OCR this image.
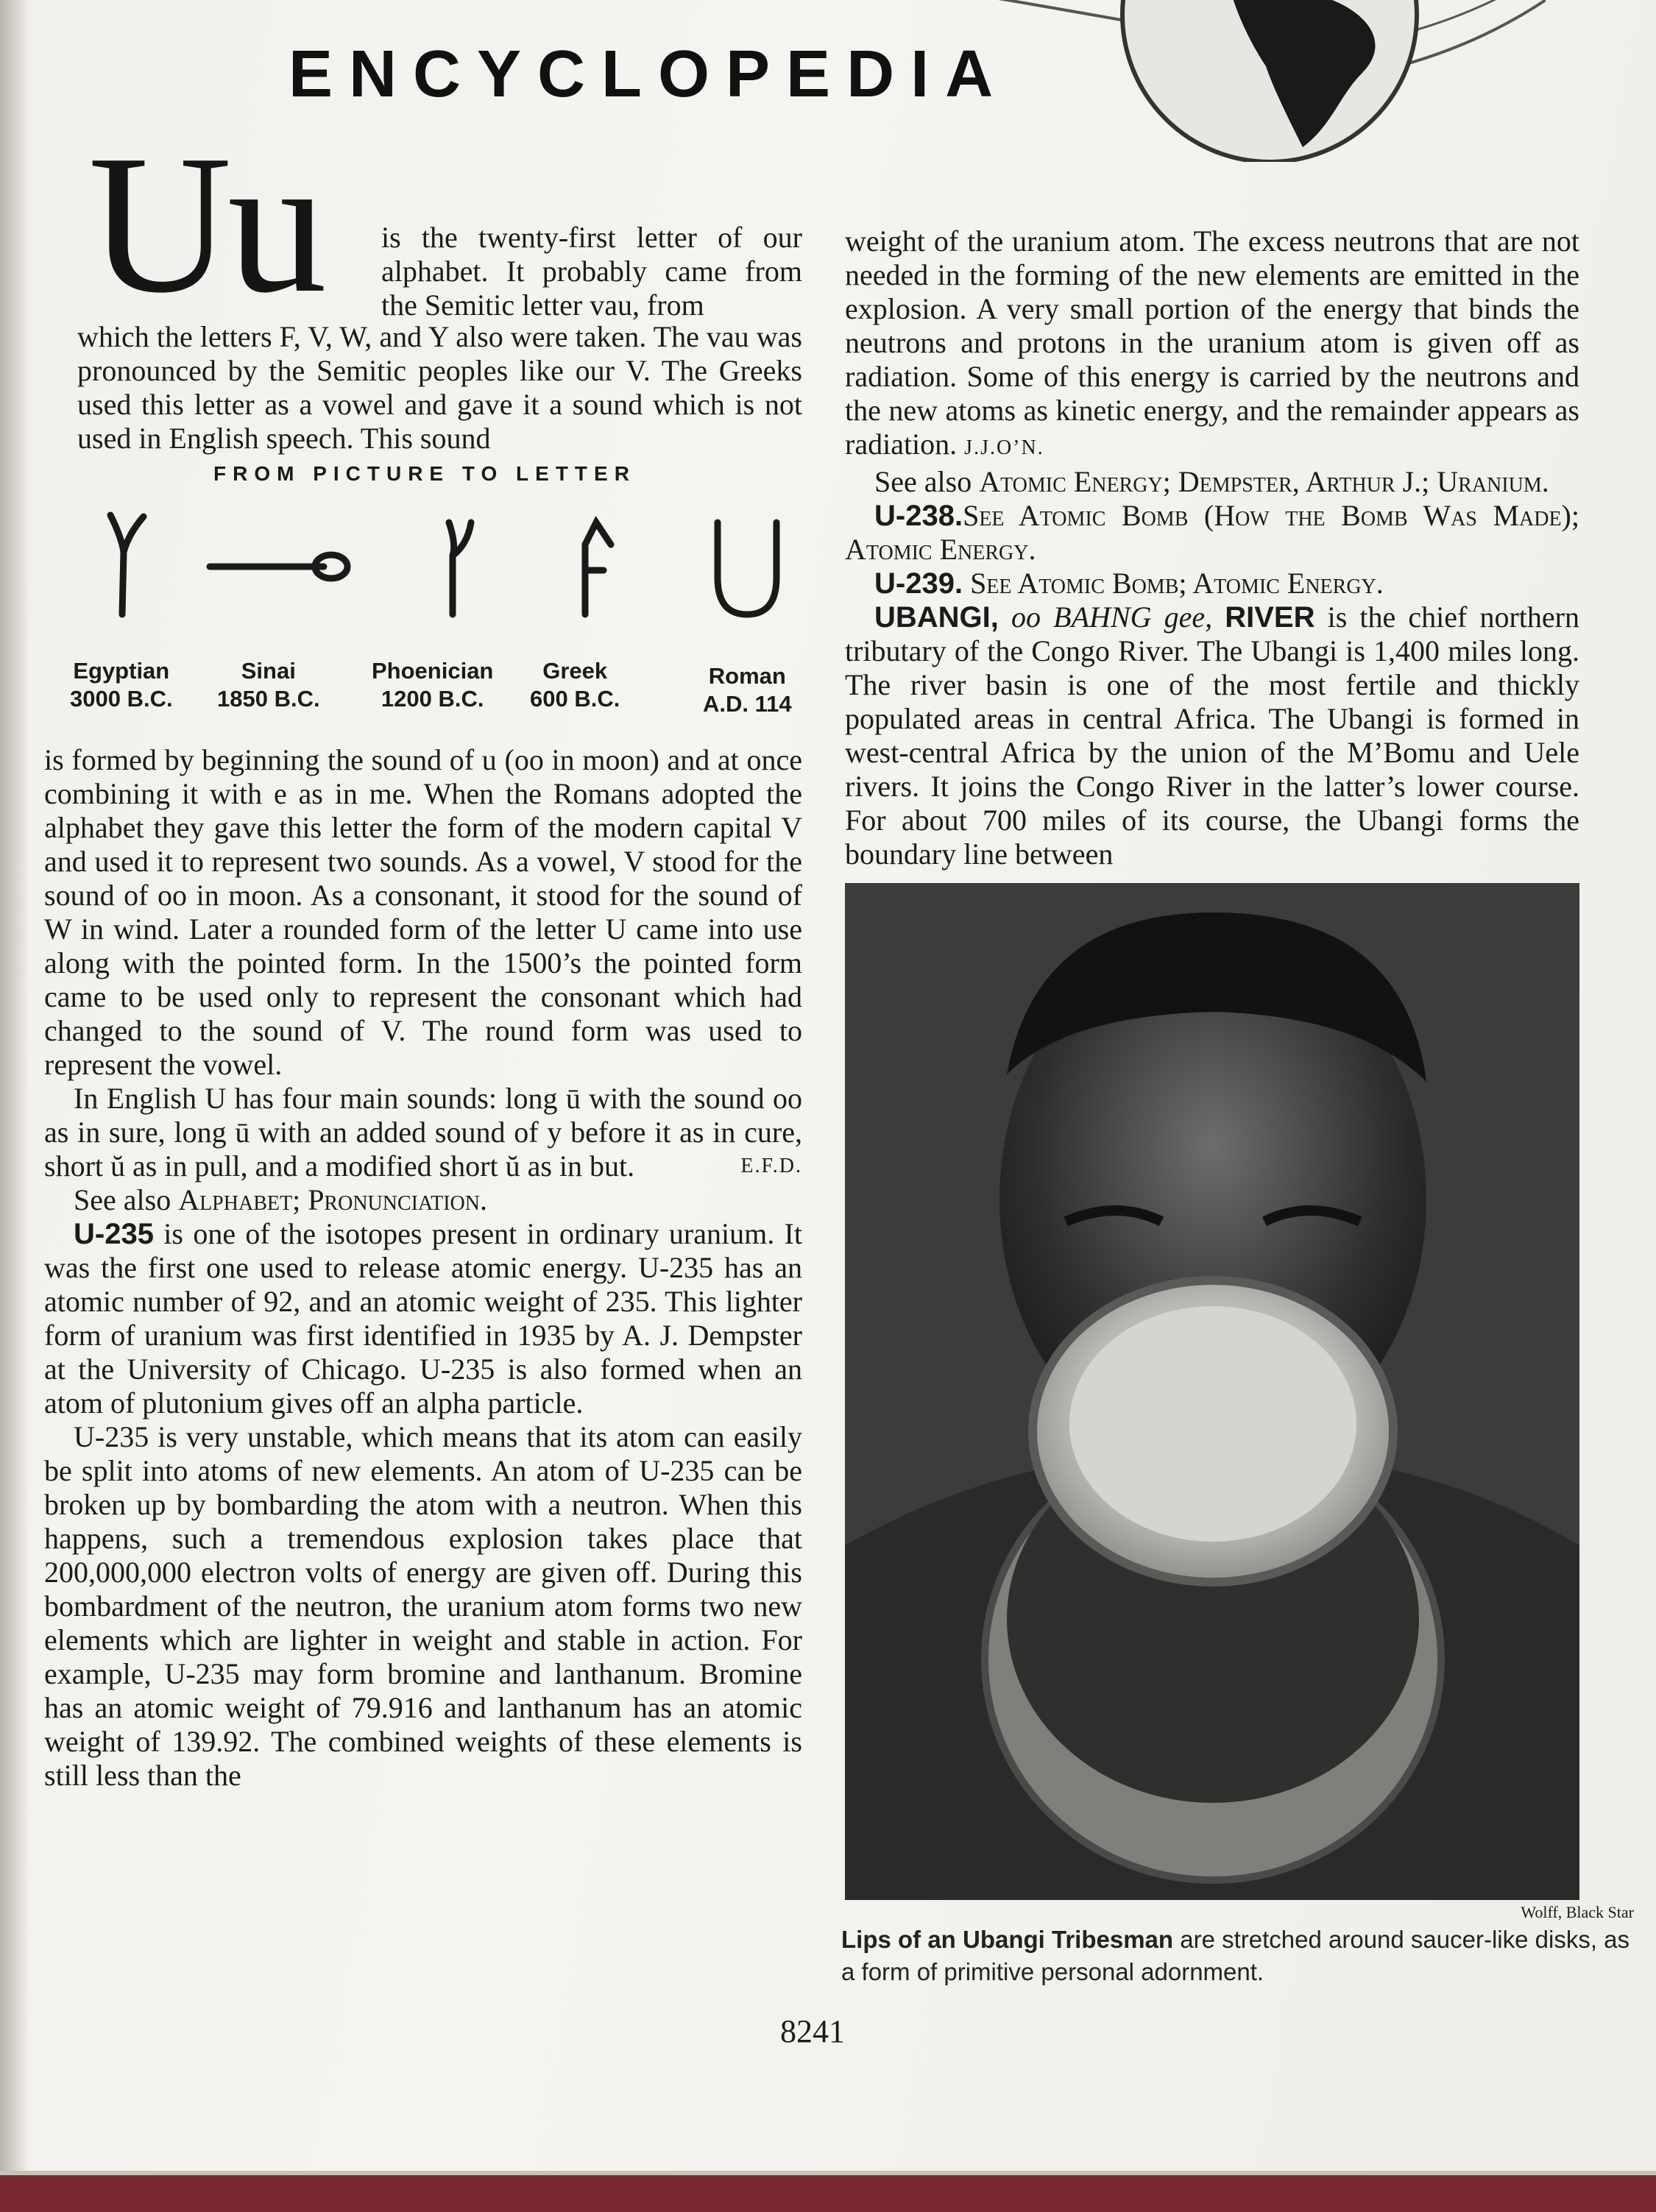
ENCYCLOPEDIA
Uu is the twenty-first letter of our alphabet. It probably came from the Semitic letter vau, from
which the letters F, V, W, and Y also were taken. The vau was pronounced by the Semitic peoples like our V. The Greeks used this letter as a vowel and gave it a sound which is not used in English speech. This sound
FROM PICTURE TO LETTER
Egyptian
3000 B.C.
Sinai
1850 B.C.
Phoenician
1200 B.C.
Greek
600 B.C.
Roman
A.D. 114

is formed by beginning the sound of u (oo in moon) and at once combining it with e as in me. When the Romans adopted the alphabet they gave this letter the form of the modern capital V and used it to represent two sounds. As a vowel, V stood for the sound of oo in moon. As a consonant, it stood for the sound of W in wind. Later a rounded form of the letter U came into use along with the pointed form. In the 1500’s the pointed form came to be used only to represent the consonant which had changed to the sound of V. The round form was used to represent the vowel.

In English U has four main sounds: long ū with the sound oo as in sure, long ū with an added sound of y before it as in cure, short ŭ as in pull, and a modified short ŭ as in but.	E.F.D.

See also Alphabet; Pronunciation.

U-235 is one of the isotopes present in ordinary uranium. It was the first one used to release atomic energy. U-235 has an atomic number of 92, and an atomic weight of 235. This lighter form of uranium was first identified in 1935 by A. J. Dempster at the University of Chicago. U-235 is also formed when an atom of plutonium gives off an alpha particle.

U-235 is very unstable, which means that its atom can easily be split into atoms of new elements. An atom of U-235 can be broken up by bombarding the atom with a neutron. When this happens, such a tremendous explosion takes place that 200,000,000 electron volts of energy are given off. During this bombardment of the neutron, the uranium atom forms two new elements which are lighter in weight and stable in action. For example, U-235 may form bromine and lanthanum. Bromine has an atomic weight of 79.916 and lanthanum has an atomic weight of 139.92. The combined weights of these elements is still less than the

weight of the uranium atom. The excess neutrons that are not needed in the forming of the new elements are emitted in the explosion. A very small portion of the energy that binds the neutrons and protons in the uranium atom is given off as radiation. Some of this energy is carried by the neutrons and the new atoms as kinetic energy, and the remainder appears as radiation. J.J.O’N.

See also Atomic Energy; Dempster, Arthur J.; Uranium.

U-238.See Atomic Bomb (How the Bomb Was Made); Atomic Energy.

U-239. See Atomic Bomb; Atomic Energy.

UBANGI, oo BAHNG gee, RIVER is the chief northern tributary of the Congo River. The Ubangi is 1,400 miles long. The river basin is one of the most fertile and thickly populated areas in central Africa. The Ubangi is formed in west-central Africa by the union of the M’Bomu and Uele rivers. It joins the Congo River in the latter’s lower course. For about 700 miles of its course, the Ubangi forms the boundary line between

Wolff, Black Star
Lips of an Ubangi Tribesman are stretched around saucer-like disks, as a form of primitive personal adornment.
8241
